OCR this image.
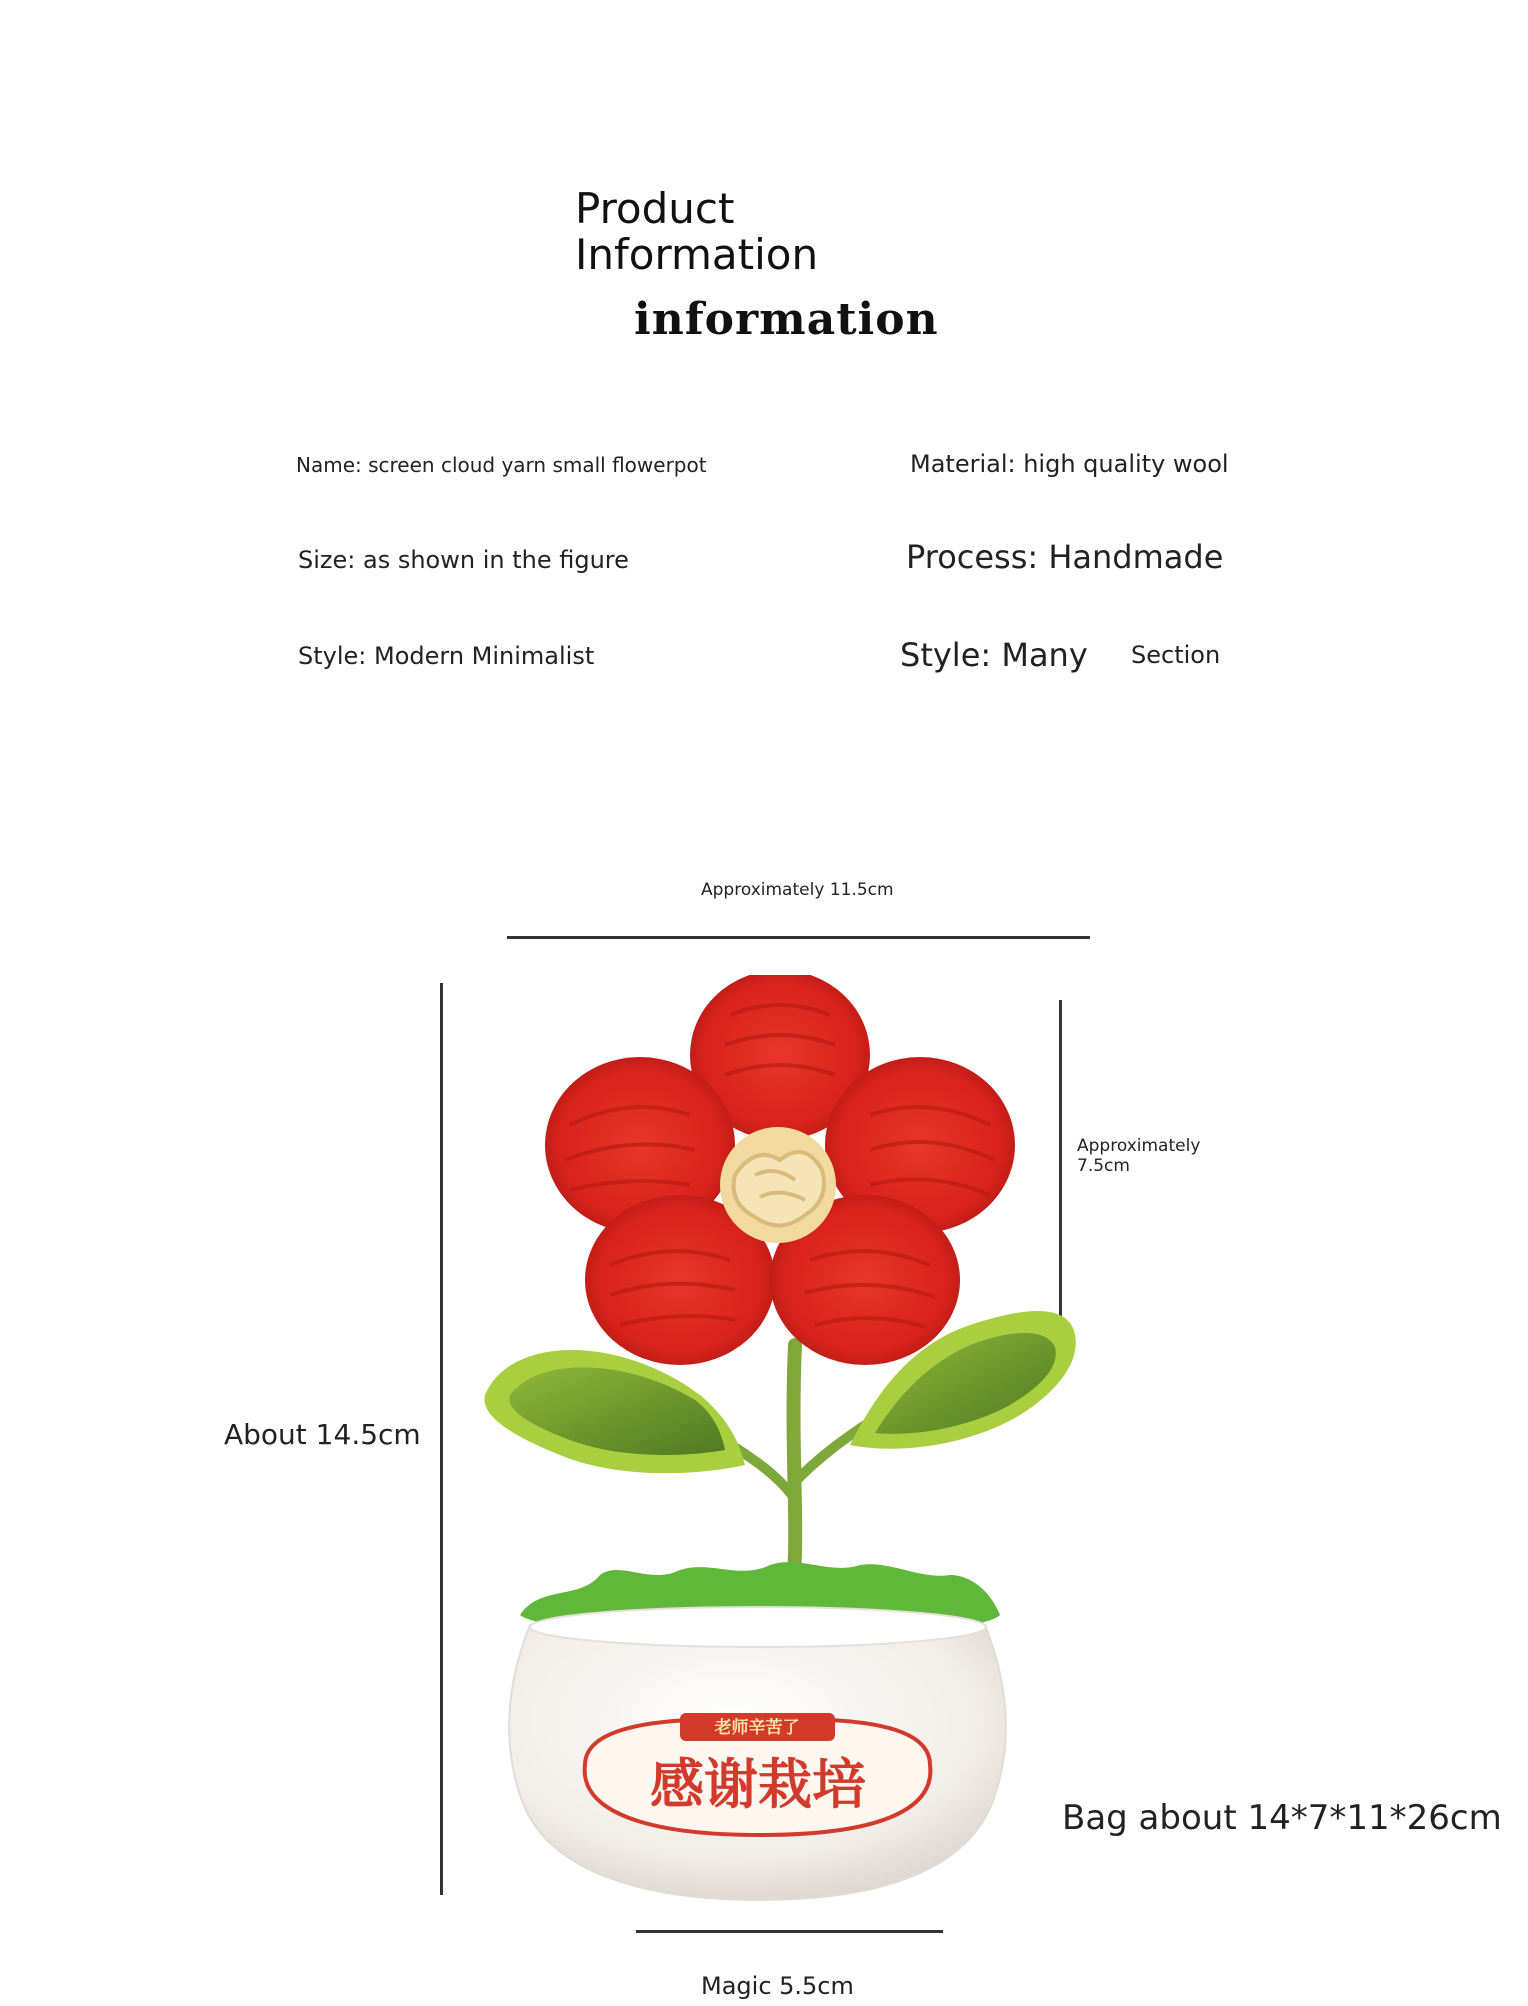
Product
Information
information
Name: screen cloud yarn small flowerpot	Material: high quality wool
Size: as shown in the figure	Process: Handmade
Style: Modern Minimalist	Style: Many Section
Approximately 11.5cm
About 14.5cm
Approximately
7.5cm
Bag about 14*7*11*26cm
Magic 5.5cm
老师辛苦了
感谢栽培
